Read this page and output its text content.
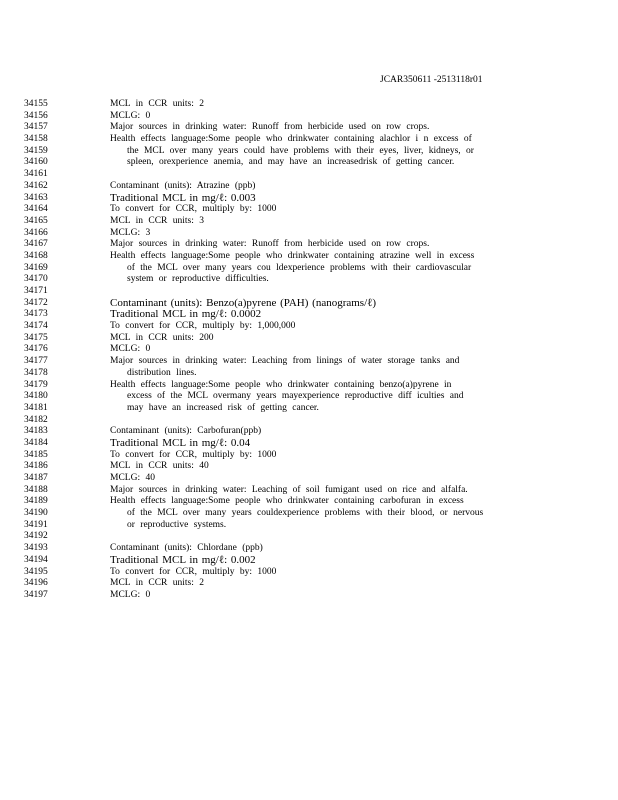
JCAR350611 -2513118r01
34155
34156
34157
34158
34159
34160
34161
34162
34163
34164
34165
34166
34167
34168
34169
34170
34171
34172
34173
34174
34175
34176
34177
34178
34179
34180
34181
34182
34183
34184
34185
34186
34187
34188
34189
34190
34191
34192
34193
34194
34195
34196
34197
MCL in CCR units: 2
MCLG: 0
Major sources in drinking water: Runoff from herbicide used on row crops.
Health effects language:Some people who drinkwater containing alachlor i n excess of
the MCL over many years could have problems with their eyes, liver, kidneys, or
spleen, orexperience anemia, and may have an increasedrisk of getting cancer.
Contaminant (units): Atrazine (ppb)
Traditional MCL in mg/ℓ: 0.003
To convert for CCR, multiply by: 1000
MCL in CCR units: 3
MCLG: 3
Major sources in drinking water: Runoff from herbicide used on row crops.
Health effects language:Some people who drinkwater containing atrazine well in excess
of the MCL over many years cou ldexperience problems with their cardiovascular
system or reproductive difficulties.
Contaminant (units): Benzo(a)pyrene (PAH) (nanograms/ℓ)
Traditional MCL in mg/ℓ: 0.0002
To convert for CCR, multiply by: 1,000,000
MCL in CCR units: 200
MCLG: 0
Major sources in drinking water: Leaching from linings of water storage tanks and
distribution lines.
Health effects language:Some people who drinkwater containing benzo(a)pyrene in
excess of the MCL overmany years mayexperience reproductive diff iculties and
may have an increased risk of getting cancer.
Contaminant (units): Carbofuran(ppb)
Traditional MCL in mg/ℓ: 0.04
To convert for CCR, multiply by: 1000
MCL in CCR units: 40
MCLG: 40
Major sources in drinking water: Leaching of soil fumigant used on rice and alfalfa.
Health effects language:Some people who drinkwater containing carbofuran in excess
of the MCL over many years couldexperience problems with their blood, or nervous
or reproductive systems.
Contaminant (units): Chlordane (ppb)
Traditional MCL in mg/ℓ: 0.002
To convert for CCR, multiply by: 1000
MCL in CCR units: 2
MCLG: 0
